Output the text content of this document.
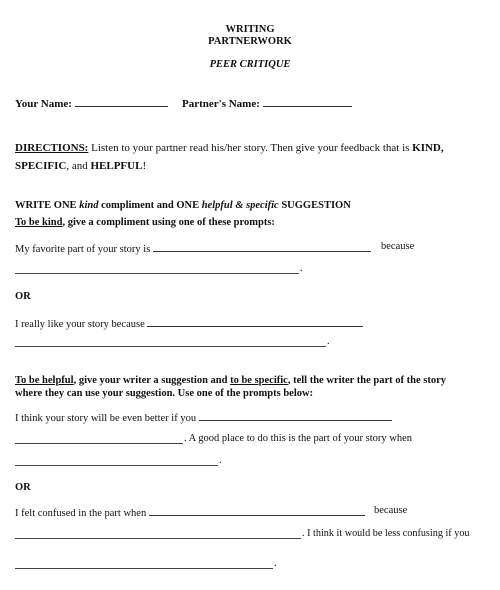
WRITING
PARTNERWORK
PEER CRITIQUE
Your Name:	Partner's Name:
DIRECTIONS: Listen to your partner read his/her story. Then give your feedback that is KIND,
SPECIFIC, and HELPFUL!
WRITE ONE kind compliment and ONE helpful & specific SUGGESTION
To be kind, give a compliment using one of these prompts:
My favorite part of your story is	because
.
OR
I really like your story because
.
To be helpful, give your writer a suggestion and to be specific, tell the writer the part of the story
where they can use your suggestion. Use one of the prompts below:
I think your story will be even better if you
. A good place to do this is the part of your story when
.
OR
I felt confused in the part when	because
. I think it would be less confusing if you
.
